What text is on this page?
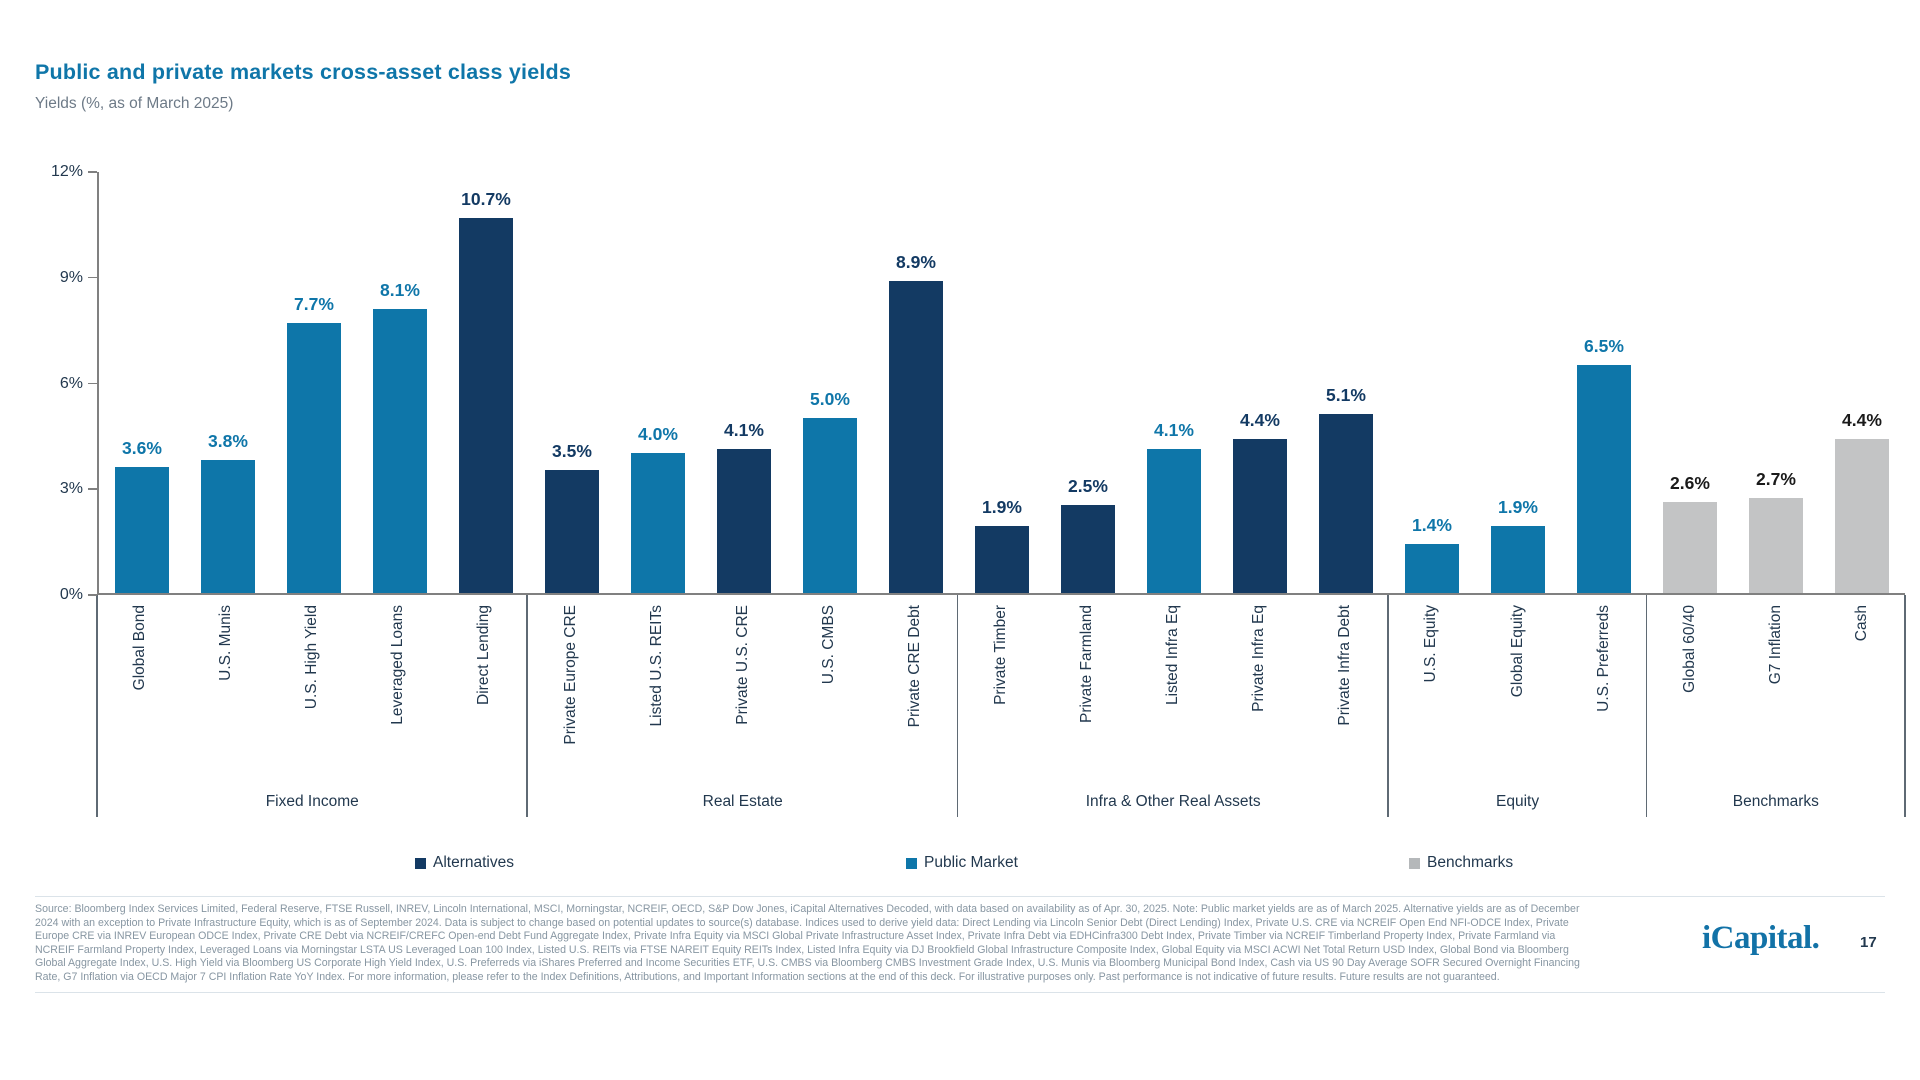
Public and private markets cross-asset class yields
Yields (%, as of March 2025)
3.6%	3.8%
7.7%
8.1%
10.7%
3.5%
4.0%	4.1%
5.0%
8.9%
1.9%
2.5%
4.1%
4.4%
5.1%
1.4%
1.9%
6.5%
2.6%	2.7%
4.4%
Global Bond	U.S. Munis	U.S. High Yield	Leveraged Loans	Direct Lending	Private Europe CRE	Listed U.S. REITs	Private U.S. CRE	U.S. CMBS	Private CRE Debt	Private Timber	Private Farmland	Listed Infra Eq	Private Infra Eq	Private Infra Debt	U.S. Equity	Global Equity	U.S. Preferreds	Global 60/40	G7 Inflation	Cash
Fixed Income	Real Estate	Infra & Other Real Assets	Equity	Benchmarks
12%
9%
6%
3%
0%
Alternatives	Public Market	Benchmarks
Source: Bloomberg Index Services Limited, Federal Reserve, FTSE Russell, INREV, Lincoln International, MSCI, Morningstar, NCREIF, OECD, S&P Dow Jones, iCapital Alternatives Decoded, with data based on availability as of Apr. 30, 2025. Note: Public market yields are as of March 2025. Alternative yields are as of December
2024 with an exception to Private Infrastructure Equity, which is as of September 2024. Data is subject to change based on potential updates to source(s) database. Indices used to derive yield data: Direct Lending via Lincoln Senior Debt (Direct Lending) Index, Private U.S. CRE via NCREIF Open End NFI-ODCE Index, Private
Europe CRE via INREV European ODCE Index, Private CRE Debt via NCREIF/CREFC Open-end Debt Fund Aggregate Index, Private Infra Equity via MSCI Global Private Infrastructure Asset Index, Private Infra Debt via EDHCinfra300 Debt Index, Private Timber via NCREIF Timberland Property Index, Private Farmland via
NCREIF Farmland Property Index, Leveraged Loans via Morningstar LSTA US Leveraged Loan 100 Index, Listed U.S. REITs via FTSE NAREIT Equity REITs Index, Listed Infra Equity via DJ Brookfield Global Infrastructure Composite Index, Global Equity via MSCI ACWI Net Total Return USD Index, Global Bond via Bloomberg
Global Aggregate Index, U.S. High Yield via Bloomberg US Corporate High Yield Index, U.S. Preferreds via iShares Preferred and Income Securities ETF, U.S. CMBS via Bloomberg CMBS Investment Grade Index, U.S. Munis via Bloomberg Municipal Bond Index, Cash via US 90 Day Average SOFR Secured Overnight Financing
Rate, G7 Inflation via OECD Major 7 CPI Inflation Rate YoY Index. For more information, please refer to the Index Definitions, Attributions, and Important Information sections at the end of this deck. For illustrative purposes only. Past performance is not indicative of future results. Future results are not guaranteed.
iCapital.	17
